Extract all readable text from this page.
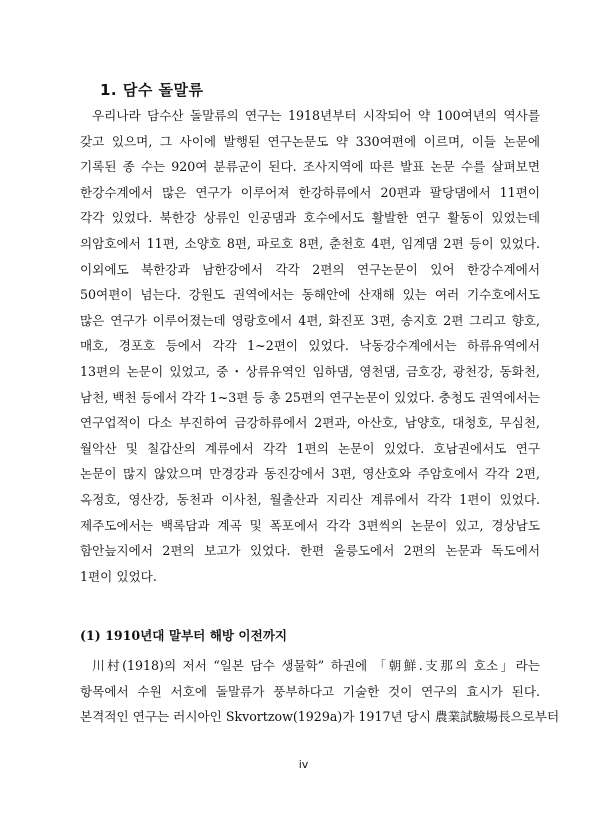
1. 담수 돌말류
우리나라 담수산 돌말류의 연구는 1918년부터 시작되어 약 100여년의 역사를
갖고 있으며, 그 사이에 발행된 연구논문도 약 330여편에 이르며, 이들 논문에
기록된 종 수는 920여 분류군이 된다. 조사지역에 따른 발표 논문 수를 살펴보면
한강수계에서 많은 연구가 이루어져 한강하류에서 20편과 팔당댐에서 11편이
각각 있었다. 북한강 상류인 인공댐과 호수에서도 활발한 연구 활동이 있었는데
의암호에서 11편, 소양호 8편, 파로호 8편, 춘천호 4편, 임계댐 2편 등이 있었다.
이외에도 북한강과 남한강에서 각각 2편의 연구논문이 있어 한강수계에서
50여편이 넘는다. 강원도 권역에서는 동해안에 산재해 있는 여러 기수호에서도
많은 연구가 이루어졌는데 영랑호에서 4편, 화진포 3편, 송지호 2편 그리고 향호,
매호, 경포호 등에서 각각 1~2편이 있었다. 낙동강수계에서는 하류유역에서
13편의 논문이 있었고, 중・상류유역인 임하댐, 영천댐, 금호강, 광천강, 동화천,
남천, 백천 등에서 각각 1~3편 등 총 25편의 연구논문이 있었다. 충청도 권역에서는
연구업적이 다소 부진하여 금강하류에서 2편과, 아산호, 남양호, 대청호, 무심천,
월악산 및 칠갑산의 계류에서 각각 1편의 논문이 있었다. 호남권에서도 연구
논문이 많지 않았으며 만경강과 동진강에서 3편, 영산호와 주암호에서 각각 2편,
옥정호, 영산강, 동천과 이사천, 월출산과 지리산 계류에서 각각 1편이 있었다.
제주도에서는 백록담과 계곡 및 폭포에서 각각 3편씩의 논문이 있고, 경상남도
함안늪지에서 2편의 보고가 있었다. 한편 울릉도에서 2편의 논문과 독도에서
1편이 있었다.
(1) 1910년대 말부터 해방 이전까지
川村(1918)의 저서 “일본 담수 생물학” 하권에 「朝鮮.支那의 호소」라는
항목에서 수원 서호에 돌말류가 풍부하다고 기술한 것이 연구의 효시가 된다.
본격적인 연구는 러시아인 Skvortzow(1929a)가 1917년 당시 農業試驗場長으로부터
iv
